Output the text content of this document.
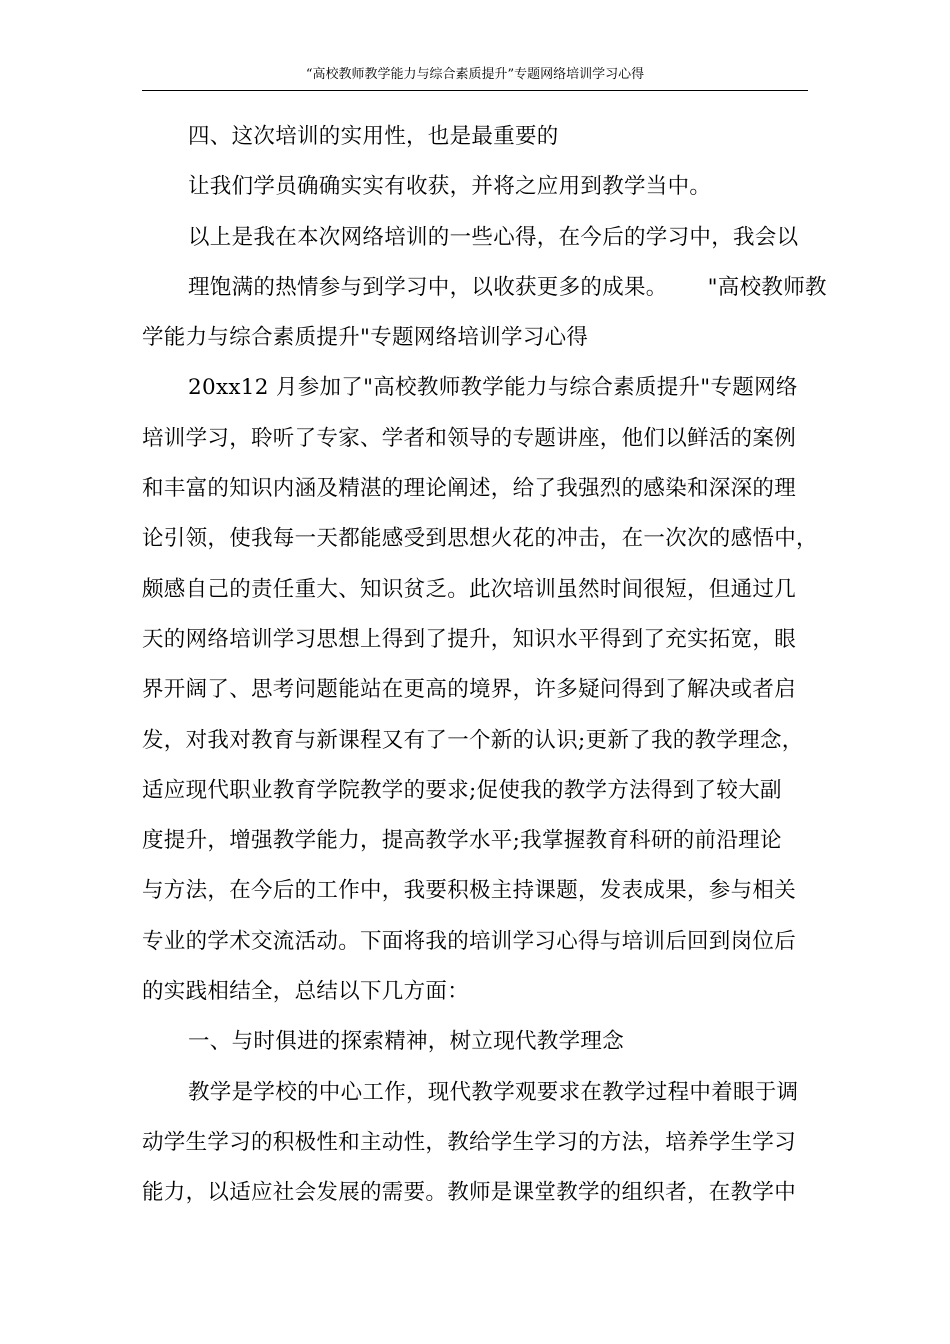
“高校教师教学能力与综合素质提升”专题网络培训学习心得

四、这次培训的实用性，也是最重要的

让我们学员确确实实有收获，并将之应用到教学当中。

以上是我在本次网络培训的一些心得，在今后的学习中，我会以
理饱满的热情参与到学习中，以收获更多的成果。 "高校教师教
学能力与综合素质提升"专题网络培训学习心得

20xx12 月参加了"高校教师教学能力与综合素质提升"专题网络
培训学习，聆听了专家、学者和领导的专题讲座，他们以鲜活的案例
和丰富的知识内涵及精湛的理论阐述，给了我强烈的感染和深深的理
论引领，使我每一天都能感受到思想火花的冲击，在一次次的感悟中，
颇感自己的责任重大、知识贫乏。此次培训虽然时间很短，但通过几
天的网络培训学习思想上得到了提升，知识水平得到了充实拓宽，眼
界开阔了、思考问题能站在更高的境界，许多疑问得到了解决或者启
发，对我对教育与新课程又有了一个新的认识;更新了我的教学理念，
适应现代职业教育学院教学的要求;促使我的教学方法得到了较大副
度提升，增强教学能力，提高教学水平;我掌握教育科研的前沿理论
与方法，在今后的工作中，我要积极主持课题，发表成果，参与相关
专业的学术交流活动。下面将我的培训学习心得与培训后回到岗位后
的实践相结全，总结以下几方面：

一、与时俱进的探索精神，树立现代教学理念

教学是学校的中心工作，现代教学观要求在教学过程中着眼于调
动学生学习的积极性和主动性，教给学生学习的方法，培养学生学习
能力，以适应社会发展的需要。教师是课堂教学的组织者，在教学中
